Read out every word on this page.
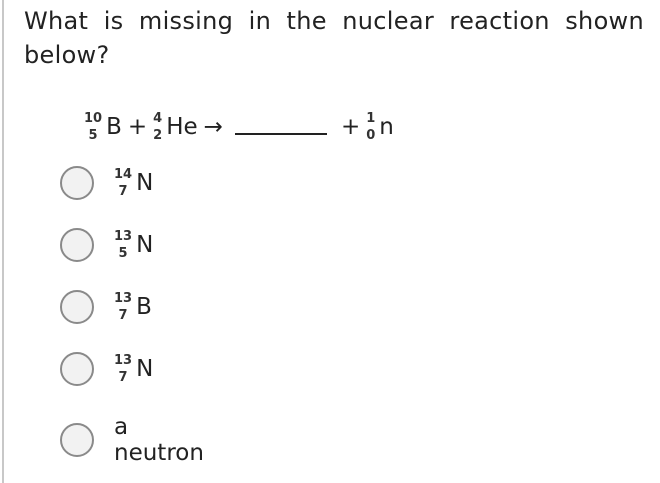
What is missing in the nuclear reaction shown below?
10
5 B + 4
2 He →	+ 1
0 n
14
7 N
13
5 N
13
7 B
13
7 N
a neutron
